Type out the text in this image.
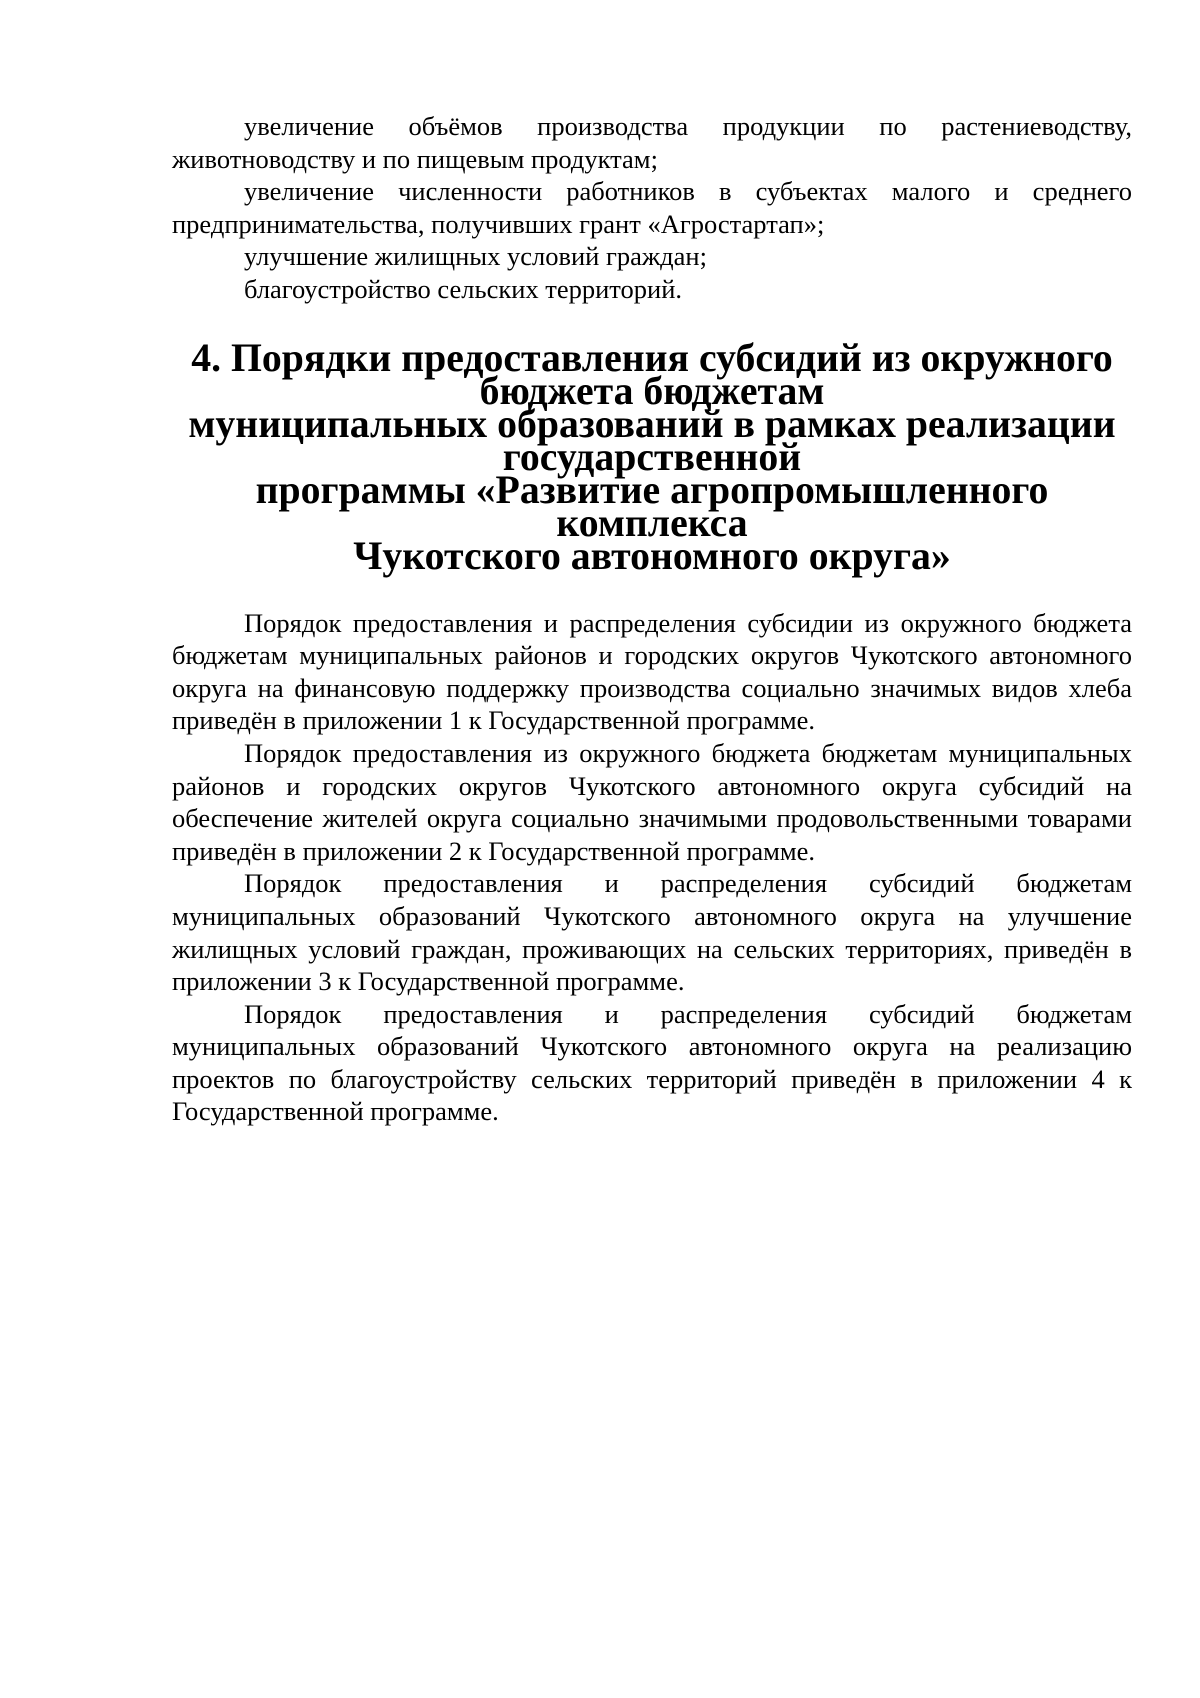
увеличение объёмов производства продукции по растениеводству, животноводству и по пищевым продуктам;

увеличение численности работников в субъектах малого и среднего предпринимательства, получивших грант «Агростартап»;

улучшение жилищных условий граждан;

благоустройство сельских территорий.

4. Порядки предоставления субсидий из окружного бюджета бюджетам
муниципальных образований в рамках реализации государственной
программы «Развитие агропромышленного комплекса
Чукотского автономного округа»

Порядок предоставления и распределения субсидии из окружного бюджета бюджетам муниципальных районов и городских округов Чукотского автономного округа на финансовую поддержку производства социально значимых видов хлеба приведён в приложении 1 к Государственной программе.

Порядок предоставления из окружного бюджета бюджетам муниципальных районов и городских округов Чукотского автономного округа субсидий на обеспечение жителей округа социально значимыми продовольственными товарами приведён в приложении 2 к Государственной программе.

Порядок предоставления и распределения субсидий бюджетам муниципальных образований Чукотского автономного округа на улучшение жилищных условий граждан, проживающих на сельских территориях, приведён в приложении 3 к Государственной программе.

Порядок предоставления и распределения субсидий бюджетам муниципальных образований Чукотского автономного округа на реализацию проектов по благоустройству сельских территорий приведён в приложении 4 к Государственной программе.
